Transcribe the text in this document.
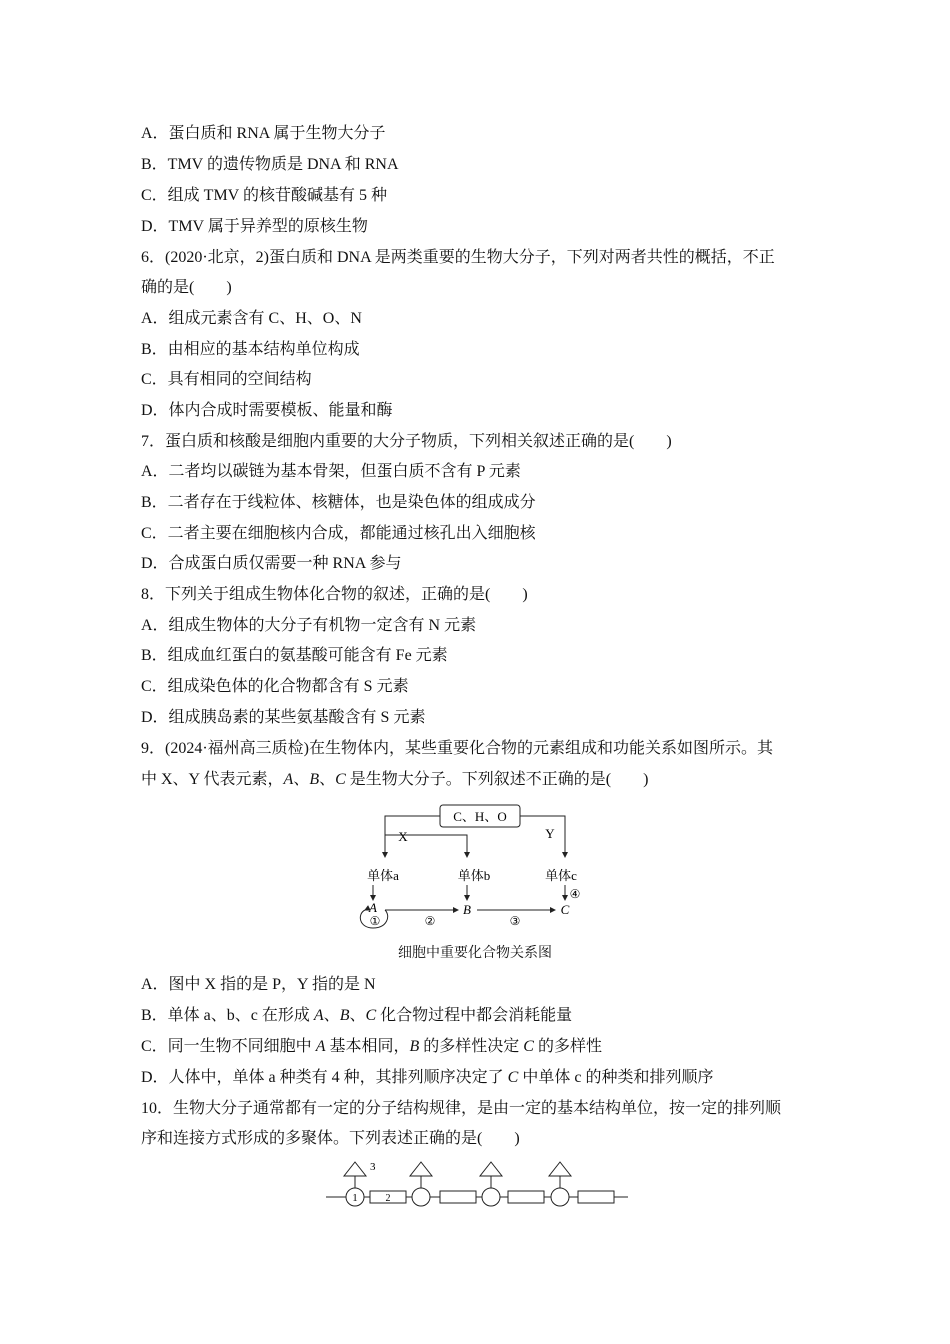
A．蛋白质和 RNA 属于生物大分子
B．TMV 的遗传物质是 DNA 和 RNA
C．组成 TMV 的核苷酸碱基有 5 种
D．TMV 属于异养型的原核生物
6．(2020·北京，2)蛋白质和 DNA 是两类重要的生物大分子，下列对两者共性的概括，不正
确的是(　　)
A．组成元素含有 C、H、O、N
B．由相应的基本结构单位构成
C．具有相同的空间结构
D．体内合成时需要模板、能量和酶
7．蛋白质和核酸是细胞内重要的大分子物质，下列相关叙述正确的是(　　)
A．二者均以碳链为基本骨架，但蛋白质不含有 P 元素
B．二者存在于线粒体、核糖体，也是染色体的组成成分
C．二者主要在细胞核内合成，都能通过核孔出入细胞核
D．合成蛋白质仅需要一种 RNA 参与
8．下列关于组成生物体化合物的叙述，正确的是(　　)
A．组成生物体的大分子有机物一定含有 N 元素
B．组成血红蛋白的氨基酸可能含有 Fe 元素
C．组成染色体的化合物都含有 S 元素
D．组成胰岛素的某些氨基酸含有 S 元素
9．(2024·福州高三质检)在生物体内，某些重要化合物的元素组成和功能关系如图所示。其
中 X、Y 代表元素，A、B、C 是生物大分子。下列叙述不正确的是(　　)
C、H、O
X	Y
单体a	单体b	单体c
④
A	B	C
①	②	③
细胞中重要化合物关系图
A．图中 X 指的是 P，Y 指的是 N
B．单体 a、b、c 在形成 A、B、C 化合物过程中都会消耗能量
C．同一生物不同细胞中 A 基本相同，B 的多样性决定 C 的多样性
D．人体中，单体 a 种类有 4 种，其排列顺序决定了 C 中单体 c 的种类和排列顺序
10．生物大分子通常都有一定的分子结构规律，是由一定的基本结构单位，按一定的排列顺
序和连接方式形成的多聚体。下列表述正确的是(　　)
3
1	2
